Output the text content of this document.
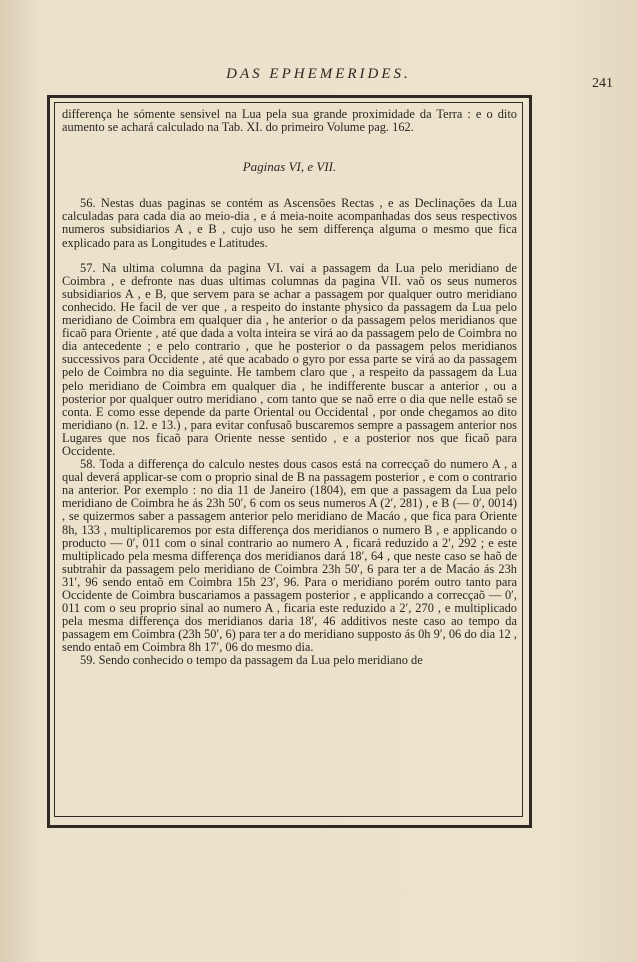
DAS EPHEMERIDES.
241

differença he sómente sensivel na Lua pela sua grande proximidade da Terra : e o dito aumento se achará calculado na Tab. XI. do primeiro Volume pag. 162.

Paginas VI, e VII.

56. Nestas duas paginas se contém as Ascensões Rectas , e as Declinações da Lua calculadas para cada dia ao meio-dia , e á meia-noite acompanhadas dos seus respectivos numeros subsidiarios A , e B , cujo uso he sem differença alguma o mesmo que fica explicado para as Longitudes e Latitudes.

57. Na ultima columna da pagina VI. vai a passagem da Lua pelo meridiano de Coimbra , e defronte nas duas ultimas columnas da pagina VII. vaõ os seus numeros subsidiarios A , e B, que servem para se achar a passagem por qualquer outro meridiano conhecido. He facil de ver que , a respeito do instante physico da passagem da Lua pelo meridiano de Coimbra em qualquer dia , he anterior o da passagem pelos meridianos que ficaõ para Oriente , até que dada a volta inteira se virá ao da passagem pelo de Coimbra no dia antecedente ; e pelo contrario , que he posterior o da passagem pelos meridianos successivos para Occidente , até que acabado o gyro por essa parte se virá ao da passagem pelo de Coimbra no dia seguinte. He tambem claro que , a respeito da passagem da Lua pelo meridiano de Coimbra em qualquer dia , he indifferente buscar a anterior , ou a posterior por qualquer outro meridiano , com tanto que se naõ erre o dia que nelle estaõ se conta. E como esse depende da parte Oriental ou Occidental , por onde chegamos ao dito meridiano (n. 12. e 13.) , para evitar confusaõ buscaremos sempre a passagem anterior nos Lugares que nos ficaõ para Oriente nesse sentido , e a posterior nos que ficaõ para Occidente.

58. Toda a differença do calculo nestes dous casos está na correcçaõ do numero A , a qual deverá applicar-se com o proprio sinal de B na passagem posterior , e com o contrario na anterior. Por exemplo : no dia 11 de Janeiro (1804), em que a passagem da Lua pelo meridiano de Coimbra he ás 23h 50′, 6 com os seus numeros A (2′, 281) , e B (— 0′, 0014) , se quizermos saber a passagem anterior pelo meridiano de Macáo , que fica para Oriente 8h, 133 , multiplicaremos por esta differença dos meridianos o numero B , e applicando o producto — 0′, 011 com o sinal contrario ao numero A , ficará reduzido a 2′, 292 ; e este multiplicado pela mesma differença dos meridianos dará 18′, 64 , que neste caso se haõ de subtrahir da passagem pelo meridiano de Coimbra 23h 50′, 6 para ter a de Macáo ás 23h 31′, 96 sendo entaõ em Coimbra 15h 23′, 96. Para o meridiano porém outro tanto para Occidente de Coimbra buscariamos a passagem posterior , e applicando a correcçaõ — 0′, 011 com o seu proprio sinal ao numero A , ficaria este reduzido a 2′, 270 , e multiplicado pela mesma differença dos meridianos daria 18′, 46 additivos neste caso ao tempo da passagem em Coimbra (23h 50′, 6) para ter a do meridiano supposto ás 0h 9′, 06 do dia 12 , sendo entaõ em Coimbra 8h 17′, 06 do mesmo dia.

59. Sendo conhecido o tempo da passagem da Lua pelo meridiano de
